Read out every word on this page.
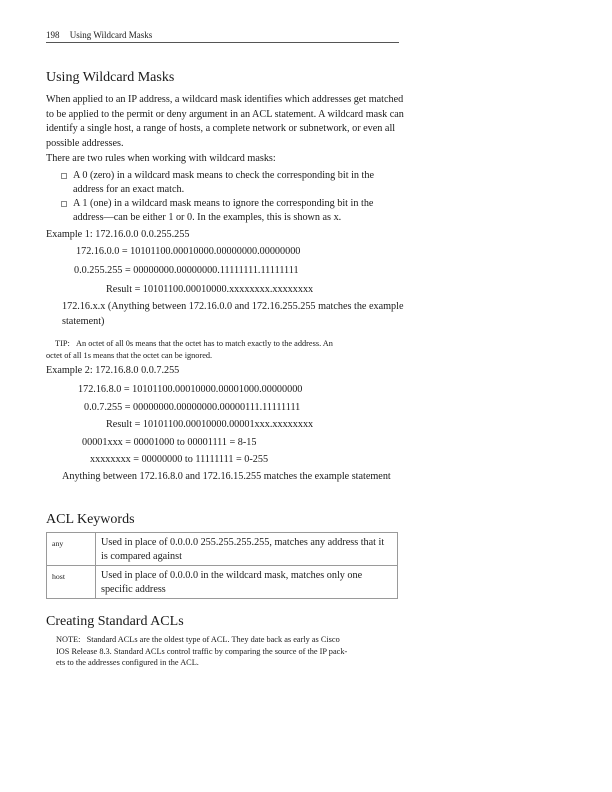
198 Using Wildcard Masks
Using Wildcard Masks
When applied to an IP address, a wildcard mask identifies which addresses get matched
to be applied to the permit or deny argument in an ACL statement. A wildcard mask can
identify a single host, a range of hosts, a complete network or subnetwork, or even all
possible addresses.
There are two rules when working with wildcard masks:
A 0 (zero) in a wildcard mask means to check the corresponding bit in the
address for an exact match.
A 1 (one) in a wildcard mask means to ignore the corresponding bit in the
address—can be either 1 or 0. In the examples, this is shown as x.
Example 1: 172.16.0.0 0.0.255.255
172.16.0.0 = 10101100.00010000.00000000.00000000
0.0.255.255 = 00000000.00000000.11111111.11111111
Result = 10101100.00010000.xxxxxxxx.xxxxxxxx
172.16.x.x (Anything between 172.16.0.0 and 172.16.255.255 matches the example
statement)
TIP: An octet of all 0s means that the octet has to match exactly to the address. An
octet of all 1s means that the octet can be ignored.
Example 2: 172.16.8.0 0.0.7.255
172.16.8.0 = 10101100.00010000.00001000.00000000
0.0.7.255 = 00000000.00000000.00000111.11111111
Result = 10101100.00010000.00001xxx.xxxxxxxx
00001xxx = 00001000 to 00001111 = 8-15
xxxxxxxx = 00000000 to 11111111 = 0-255
Anything between 172.16.8.0 and 172.16.15.255 matches the example statement
ACL Keywords
any	Used in place of 0.0.0.0 255.255.255.255, matches any address that it is compared against
host	Used in place of 0.0.0.0 in the wildcard mask, matches only one specific address
Creating Standard ACLs
NOTE: Standard ACLs are the oldest type of ACL. They date back as early as Cisco
IOS Release 8.3. Standard ACLs control traffic by comparing the source of the IP pack-
ets to the addresses configured in the ACL.
